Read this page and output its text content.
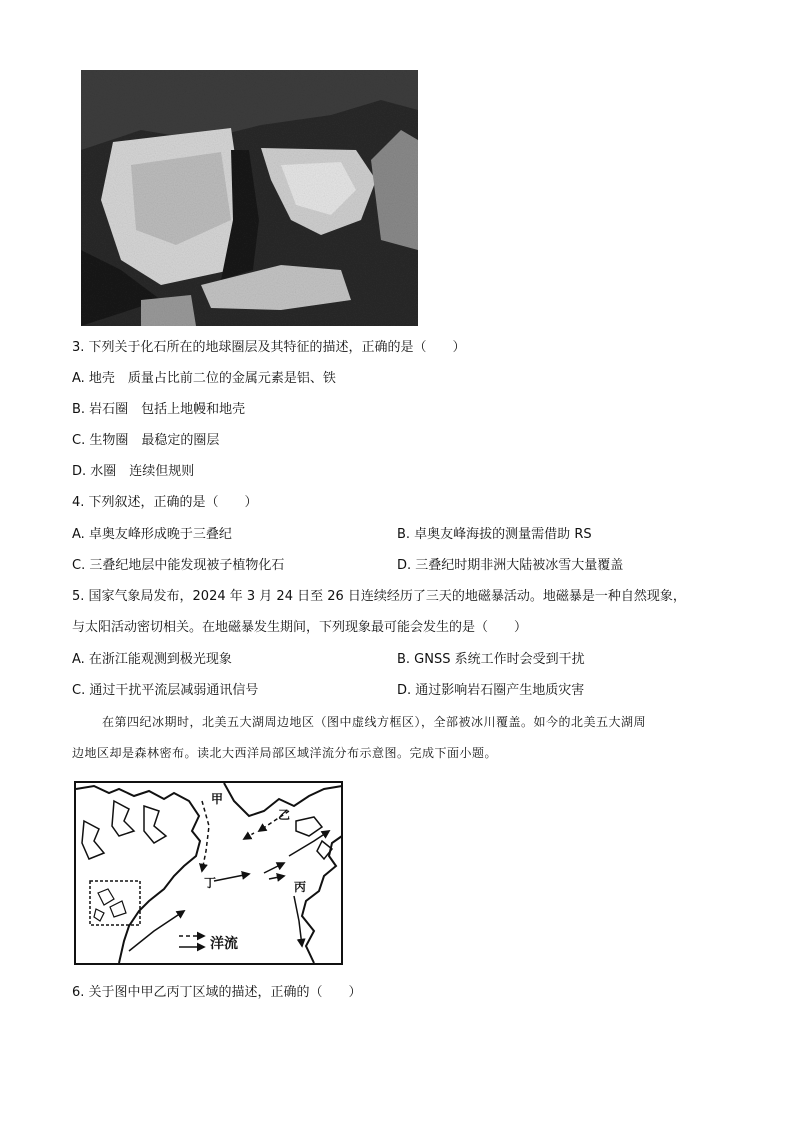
3. 下列关于化石所在的地球圈层及其特征的描述，正确的是（　　）
A. 地壳　质量占比前二位的金属元素是铝、铁
B. 岩石圈　包括上地幔和地壳
C. 生物圈　最稳定的圈层
D. 水圈　连续但规则
4. 下列叙述，正确的是（　　）
A. 卓奥友峰形成晚于三叠纪	B. 卓奥友峰海拔的测量需借助 RS
C. 三叠纪地层中能发现被子植物化石	D. 三叠纪时期非洲大陆被冰雪大量覆盖
5. 国家气象局发布，2024 年 3 月 24 日至 26 日连续经历了三天的地磁暴活动。地磁暴是一种自然现象，
与太阳活动密切相关。在地磁暴发生期间，下列现象最可能会发生的是（　　）
A. 在浙江能观测到极光现象	B. GNSS 系统工作时会受到干扰
C. 通过干扰平流层减弱通讯信号	D. 通过影响岩石圈产生地质灾害
在第四纪冰期时，北美五大湖周边地区（图中虚线方框区），全部被冰川覆盖。如今的北美五大湖周
边地区却是森林密布。读北大西洋局部区域洋流分布示意图。完成下面小题。
甲
乙
丙
丁
洋流
6. 关于图中甲乙丙丁区域的描述，正确的（　　）
